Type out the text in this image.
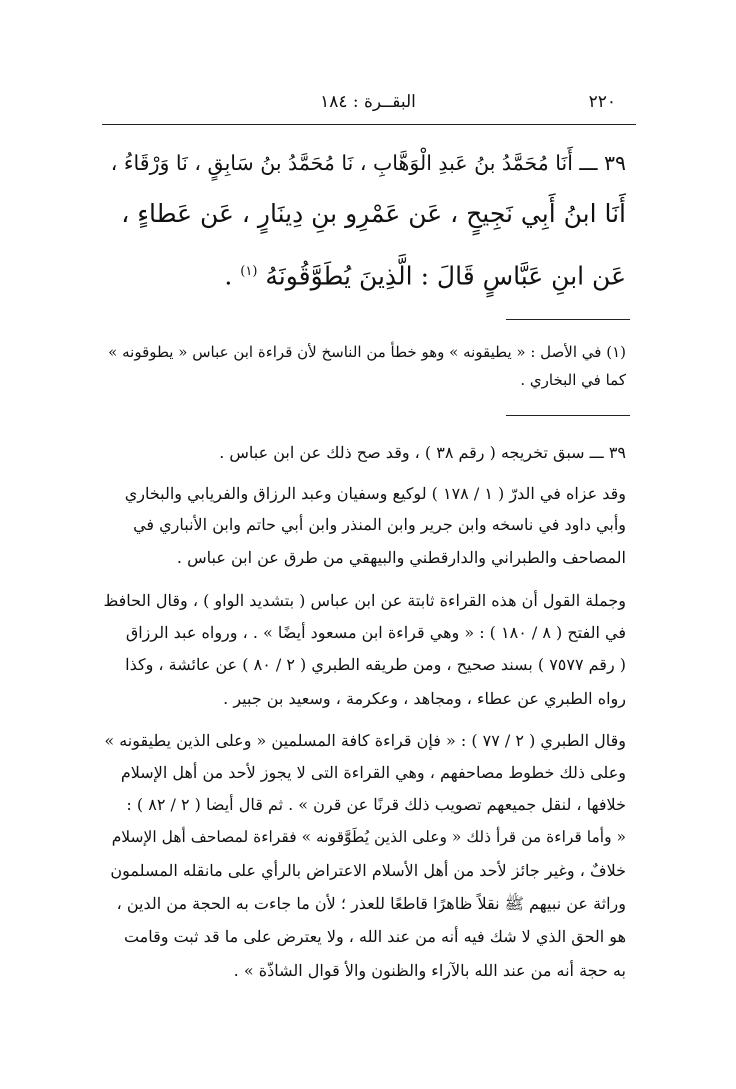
٢٢٠
البقــرة : ١٨٤
٣٩ ـــ أَنَا مُحَمَّدُ بنُ عَبدِ الْوَهَّابِ ، نَا مُحَمَّدُ بنُ سَابِقٍ ، نَا وَرْقَاءُ ،
أَنَا ابنُ أَبِي نَجِيحٍ ، عَن عَمْرِو بنِ دِينَارٍ ، عَن عَطاءٍ ،
عَن ابنِ عَبَّاسٍ قَالَ : الَّذِينَ يُطَوَّقُونَهُ $^{(١)}$ .
(١) في الأصل : « يطيقونه » وهو خطأ من الناسخ لأن قراءة ابن عباس « يطوقونه »
كما في البخاري .
٣٩ ـــ سبق تخريجه ( رقم ٣٨ ) ، وقد صح ذلك عن ابن عباس .
وقد عزاه في الدرّ ( ١ / ١٧٨ ) لوكيع وسفيان وعبد الرزاق والفريابي والبخاري
وأبي داود في ناسخه وابن جرير وابن المنذر وابن أبي حاتم وابن الأنباري في
المصاحف والطبراني والدارقطني والبيهقي من طرق عن ابن عباس .
وجملة القول أن هذه القراءة ثابتة عن ابن عباس ( بتشديد الواو ) ، وقال الحافظ
في الفتح ( ٨ / ١٨٠ ) : « وهي قراءة ابن مسعود أيضًا » . ، ورواه عبد الرزاق
( رقم ٧٥٧٧ ) بسند صحيح ، ومن طريقه الطبري ( ٢ / ٨٠ ) عن عائشة ، وكذا
رواه الطبري عن عطاء ، ومجاهد ، وعكرمة ، وسعيد بن جبير .
وقال الطبري ( ٢ / ٧٧ ) : « فإن قراءة كافة المسلمين « وعلى الذين يطيقونه »
وعلى ذلك خطوط مصاحفهم ، وهي القراءة التى لا يجوز لأحد من أهل الإسلام
خلافها ، لنقل جميعهم تصويب ذلك قرنًا عن قرن » . ثم قال أيضا ( ٢ / ٨٢ ) :
« وأما قراءة من قرأ ذلك « وعلى الذين يُطَوَّقونه » فقراءة لمصاحف أهل الإسلام
خلافٌ ، وغير جائز لأحد من أهل الأسلام الاعتراض بالرأي على مانقله المسلمون
وراثة عن نبيهم ﷺ نقلاً ظاهرًا قاطعًا للعذر ؛ لأن ما جاءت به الحجة من الدين ،
هو الحق الذي لا شك فيه أنه من عند الله ، ولا يعترض على ما قد ثبت وقامت
به حجة أنه من عند الله بالآراء والظنون والأ قوال الشاذّة » .
